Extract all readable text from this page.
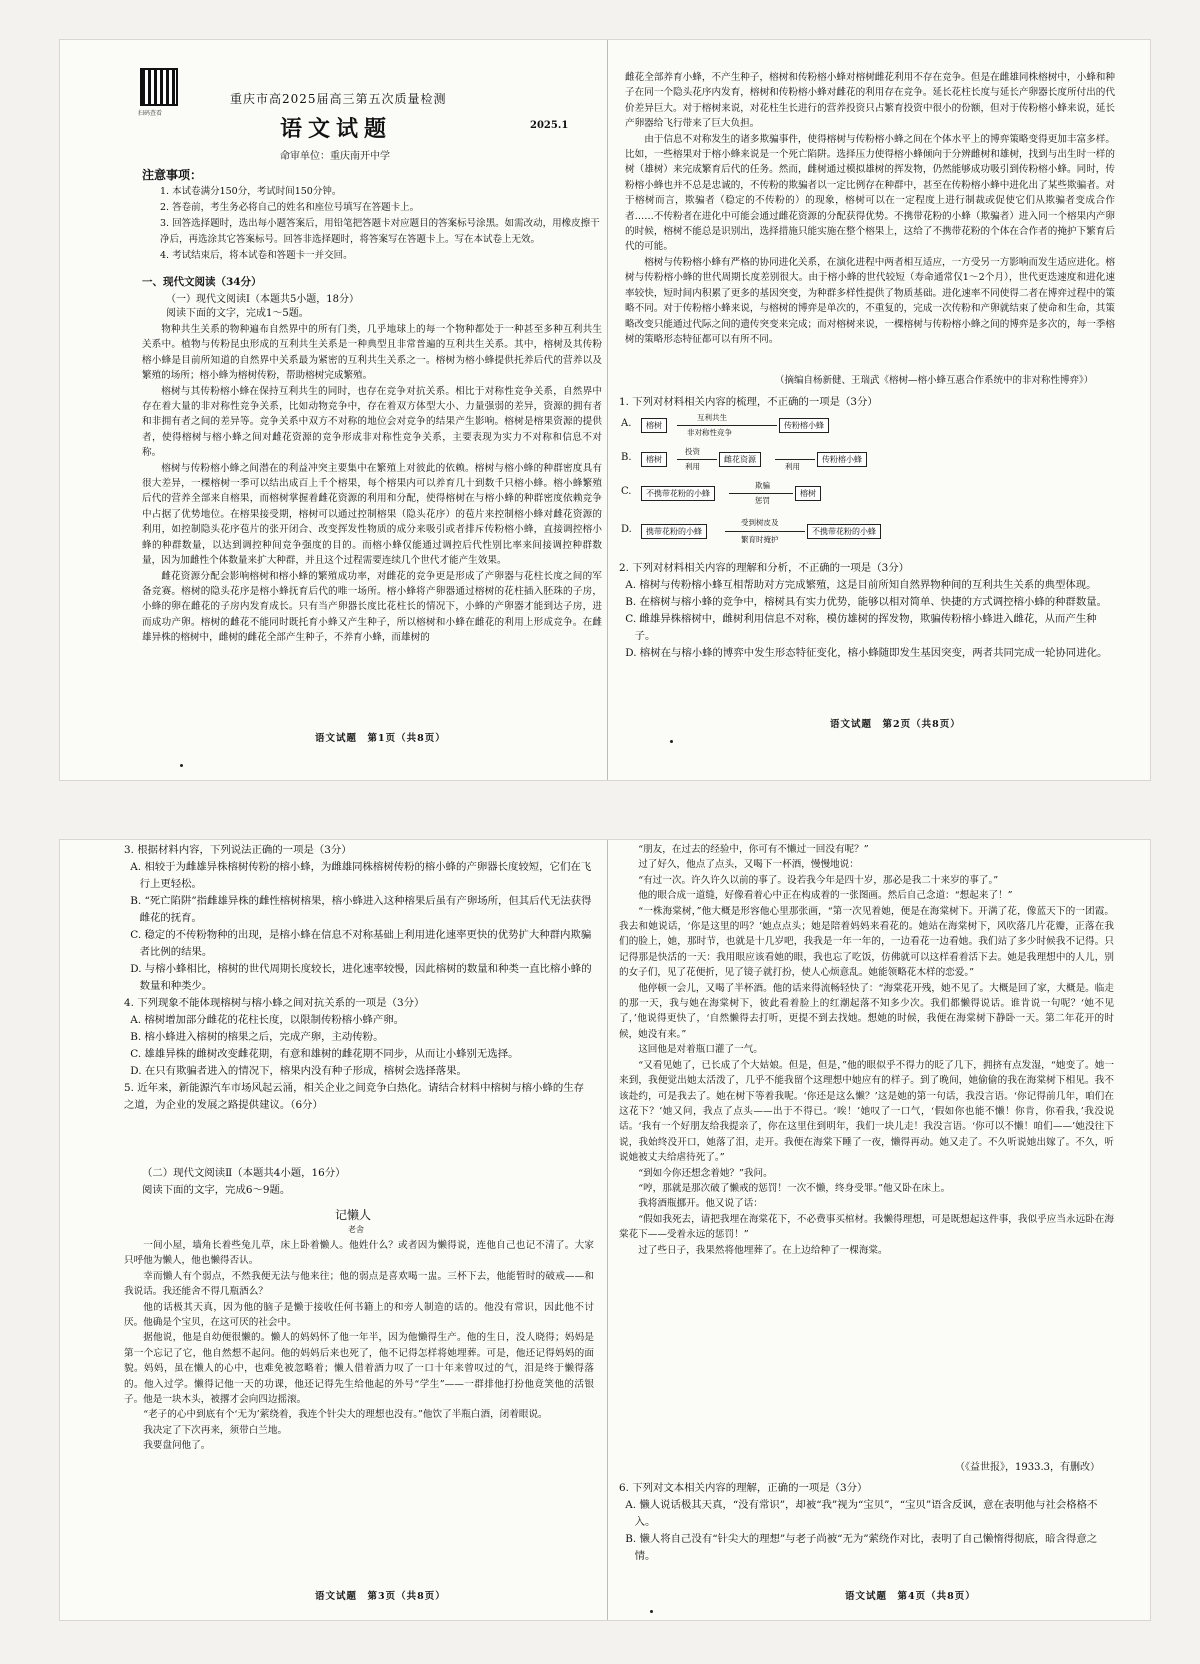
扫码查看
重庆市高2025届高三第五次质量检测
语文试题	2025.1
命审单位：重庆南开中学
注意事项：
1. 本试卷满分150分，考试时间150分钟。
2. 答卷前，考生务必将自己的姓名和座位号填写在答题卡上。
3. 回答选择题时，选出每小题答案后，用铅笔把答题卡对应题目的答案标号涂黑。如需改动，用橡皮擦干净后，再选涂其它答案标号。回答非选择题时，将答案写在答题卡上。写在本试卷上无效。
4. 考试结束后，将本试卷和答题卡一并交回。
一、现代文阅读（34分）
（一）现代文阅读Ⅰ（本题共5小题，18分）
阅读下面的文字，完成1～5题。

物种共生关系的物种遍布自然界中的所有门类，几乎地球上的每一个物种都处于一种甚至多种互利共生关系中。植物与传粉昆虫形成的互利共生关系是一种典型且非常普遍的互利共生关系。其中，榕树及其传粉榕小蜂是目前所知道的自然界中关系最为紧密的互利共生关系之一。榕树为榕小蜂提供托养后代的营养以及繁殖的场所；榕小蜂为榕树传粉，帮助榕树完成繁殖。

榕树与其传粉榕小蜂在保持互利共生的同时，也存在竞争对抗关系。相比于对称性竞争关系，自然界中存在着大量的非对称性竞争关系，比如动物竞争中，存在着双方体型大小、力量强弱的差异，资源的拥有者和非拥有者之间的差异等。竞争关系中双方不对称的地位会对竞争的结果产生影响。榕树是榕果资源的提供者，使得榕树与榕小蜂之间对雌花资源的竞争形成非对称性竞争关系，主要表现为实力不对称和信息不对称。

榕树与传粉榕小蜂之间潜在的利益冲突主要集中在繁殖上对彼此的依赖。榕树与榕小蜂的种群密度具有很大差异，一棵榕树一季可以结出成百上千个榕果，每个榕果内可以养育几十到数千只榕小蜂。榕小蜂繁殖后代的营养全部来自榕果，而榕树掌握着雌花资源的利用和分配，使得榕树在与榕小蜂的种群密度依赖竞争中占据了优势地位。在榕果接受期，榕树可以通过控制榕果（隐头花序）的苞片来控制榕小蜂对雌花资源的利用，如控制隐头花序苞片的张开闭合、改变挥发性物质的成分来吸引或者排斥传粉榕小蜂，直接调控榕小蜂的种群数量，以达到调控种间竞争强度的目的。而榕小蜂仅能通过调控后代性别比率来间接调控种群数量，因为加雌性个体数量来扩大种群，并且这个过程需要连续几个世代才能产生效果。

雌花资源分配会影响榕树和榕小蜂的繁殖成功率，对雌花的竞争更是形成了产卵器与花柱长度之间的军备竞赛。榕树的隐头花序是榕小蜂抚育后代的唯一场所。榕小蜂将产卵器通过榕树的花柱插入胚珠的子房，小蜂的卵在雌花的子房内发育成长。只有当产卵器长度比花柱长的情况下，小蜂的产卵器才能到达子房，进而成功产卵。榕树的雌花不能同时既托育小蜂又产生种子，所以榕树和小蜂在雌花的利用上形成竞争。在雌雄异株的榕树中，雌树的雌花全部产生种子，不养育小蜂，而雄树的

语文试题　第1页（共8页）

雌花全部养育小蜂，不产生种子，榕树和传粉榕小蜂对榕树雌花利用不存在竞争。但是在雌雄同株榕树中，小蜂和种子在同一个隐头花序内发育，榕树和传粉榕小蜂对雌花的利用存在竞争。延长花柱长度与延长产卵器长度所付出的代价差异巨大。对于榕树来说，对花柱生长进行的营养投资只占繁育投资中很小的份额，但对于传粉榕小蜂来说，延长产卵器给飞行带来了巨大负担。

由于信息不对称发生的诸多欺骗事件，使得榕树与传粉榕小蜂之间在个体水平上的博弈策略变得更加丰富多样。比如，一些榕果对于榕小蜂来说是一个死亡陷阱。选择压力使得榕小蜂倾向于分辨雌树和雄树，找到与出生时一样的树（雄树）来完成繁育后代的任务。然而，雌树通过模拟雄树的挥发物，仍然能够成功吸引到传粉榕小蜂。同时，传粉榕小蜂也并不总是忠诚的，不传粉的欺骗者以一定比例存在种群中，甚至在传粉榕小蜂中进化出了某些欺骗者。对于榕树而言，欺骗者（稳定的不传粉的）的现象，榕树可以在一定程度上进行制裁或促使它们从欺骗者变成合作者……不传粉者在进化中可能会通过雌花资源的分配获得优势。不携带花粉的小蜂（欺骗者）进入同一个榕果内产卵的时候，榕树不能总是识别出，选择措施只能实施在整个榕果上，这给了不携带花粉的个体在合作者的掩护下繁育后代的可能。

榕树与传粉榕小蜂有严格的协同进化关系，在演化进程中两者相互适应，一方受另一方影响而发生适应进化。榕树与传粉榕小蜂的世代周期长度差别很大。由于榕小蜂的世代较短（寿命通常仅1～2个月），世代更迭速度和进化速率较快，短时间内积累了更多的基因突变，为种群多样性提供了物质基础。进化速率不同使得二者在博弈过程中的策略不同。对于传粉榕小蜂来说，与榕树的博弈是单次的，不重复的，完成一次传粉和产卵就结束了使命和生命，其策略改变只能通过代际之间的遗传突变来完成；而对榕树来说，一棵榕树与传粉榕小蜂之间的博弈是多次的，每一季榕树的策略形态特征都可以有所不同。

（摘编自杨新健、王瑞武《榕树—榕小蜂互惠合作系统中的非对称性博弈》）
1. 下列对材料相关内容的梳理，不正确的一项是（3分）
A.	榕树
互利共生
非对称性竞争
传粉榕小蜂
B.	榕树
投资
利用
雌花资源
利用
传粉榕小蜂
C.	不携带花粉的小蜂
欺骗
惩罚
榕树
D.	携带花粉的小蜂
受到树皮及
繁育时掩护
不携带花粉的小蜂
2. 下列对材料相关内容的理解和分析，不正确的一项是（3分）
A. 榕树与传粉榕小蜂互相帮助对方完成繁殖，这是目前所知自然界物种间的互利共生关系的典型体现。
B. 在榕树与榕小蜂的竞争中，榕树具有实力优势，能够以相对简单、快捷的方式调控榕小蜂的种群数量。
C. 雌雄异株榕树中，雌树利用信息不对称，模仿雄树的挥发物，欺骗传粉榕小蜂进入雌花，从而产生种子。
D. 榕树在与榕小蜂的博弈中发生形态特征变化，榕小蜂随即发生基因突变，两者共同完成一轮协同进化。
语文试题　第2页（共8页）
3. 根据材料内容，下列说法正确的一项是（3分）
A. 相较于为雌雄异株榕树传粉的榕小蜂，为雌雄同株榕树传粉的榕小蜂的产卵器长度较短，它们在飞行上更轻松。
B. “死亡陷阱”指雌雄异株的雌性榕树榕果，榕小蜂进入这种榕果后虽有产卵场所，但其后代无法获得雌花的抚育。
C. 稳定的不传粉物种的出现，是榕小蜂在信息不对称基础上利用进化速率更快的优势扩大种群内欺骗者比例的结果。
D. 与榕小蜂相比，榕树的世代周期长度较长，进化速率较慢，因此榕树的数量和种类一直比榕小蜂的数量和种类少。
4. 下列现象不能体现榕树与榕小蜂之间对抗关系的一项是（3分）
A. 榕树增加部分雌花的花柱长度，以限制传粉榕小蜂产卵。
B. 榕小蜂进入榕树的榕果之后，完成产卵，主动传粉。
C. 雄雄异株的雌树改变雌花期，有意和雄树的雌花期不同步，从而让小蜂别无选择。
D. 在只有欺骗者进入的情况下，榕果内没有种子形成，榕树会选择落果。
5. 近年来，新能源汽车市场风起云涌，相关企业之间竞争白热化。请结合材料中榕树与榕小蜂的生存之道，为企业的发展之路提供建议。（6分）
（二）现代文阅读Ⅱ（本题共4小题，16分）
阅读下面的文字，完成6～9题。
记懒人
老舍

一间小屋，墙角长着些兔儿草，床上卧着懒人。他姓什么？或者因为懒得说，连他自己也记不清了。大家只呼他为懒人，他也懒得否认。

幸而懒人有个弱点，不然我便无法与他来往；他的弱点是喜欢喝一盅。三杯下去，他能暂时的破戒——和我说话。我还能舍不得几瓶酒么？

他的话极其天真，因为他的脑子是懒于接收任何书籍上的和旁人制造的话的。他没有常识，因此他不讨厌。他确是个宝贝，在这可厌的社会中。

据他说，他是自幼便很懒的。懒人的妈妈怀了他一年半，因为他懒得生产。他的生日，没人晓得；妈妈是第一个忘记了它，他自然想不起问。他的妈妈后来也死了，他不记得怎样将她埋葬。可是，他还记得妈妈的面貌。妈妈，虽在懒人的心中，也难免被忽略着；懒人借着酒力叹了一口十年来曾叹过的气，泪是终于懒得落的。他入过学。懒得记他一天的功课，他还记得先生给他起的外号“学生”——一群排他打扮他竟笑他的活银子。他是一块木头，被撂才会向四边摇滚。

“老子的心中到底有个‘无为’萦绕着，我连个针尖大的理想也没有。”他饮了半瓶白酒，闭着眼说。

我决定了下次再来，须带白兰地。

我要盘问他了。

语文试题　第3页（共8页）

“朋友，在过去的经验中，你可有不懒过一回没有呢？”

过了好久，他点了点头，又喝下一杯酒，慢慢地说：

“有过一次。许久许久以前的事了。设若我今年是四十岁，那必是我二十来岁的事了。”

他的眼合成一道缝，好像看着心中正在构成着的一张图画。然后自己念道：“想起来了！”

“一株海棠树，”他大概是形容他心里那张画，“第一次见着她，便是在海棠树下。开满了花，像蓝天下的一团霞。我去和她说话，‘你是这里的吗？’她点点头；她是陪着妈妈来看花的。她站在海棠树下，风吹落几片花瓣，正落在我们的脸上，她，那时节，也就是十几岁吧，我我是一年一年的，一边看花一边看她。我们站了多少时候我不记得。只记得那是快活的一天：我用眼应该看她的眼，我也忘了吃饭，仿佛就可以这样看着活下去。她是我理想中的人儿，别的女子们，见了花便折，见了镜子就打扮，使人心烦意乱。她能领略花木样的恋爱。”

他停顿一会儿，又喝了半杯酒。他的话来得流畅轻快了：“海棠花开残，她不见了。大概是回了家，大概是。临走的那一天，我与她在海棠树下，彼此看着脸上的红潮起落不知多少次。我们都懒得说话。谁肯说一句呢？‘她不见了，’他说得更快了，‘自然懒得去打听，更提不到去找她。想她的时候，我便在海棠树下静卧一天。第二年花开的时候，她没有来。”

这回他是对着瓶口灌了一气。

“又看见她了，已长成了个大姑娘。但是，但是，”他的眼似乎不得力的眨了几下，拥挤有点发湿，“她变了。她一来到，我便觉出她太活泼了，几乎不能我留个这理想中她应有的样子。到了晚间，她偷偷的我在海棠树下相见。我不该赴约，可是我去了。她在树下等着我呢。‘你还是这么懒？’这是她的第一句话，我没言语。‘你记得前几年，咱们在这花下？’她又问，我点了点头——出于不得已。‘唉！’她叹了一口气，‘假如你也能不懒！你肯，你看我，’我没说话。‘我有一个好朋友给我提亲了，你在这里住到明年，我们一块儿走！我没言语。‘你可以不懒！咱们——’她没往下说，我始终没开口，她落了泪，走开。我便在海棠下睡了一夜，懒得再动。她又走了。不久听说她出嫁了。不久，听说她被丈夫给虐待死了。”

“到如今你还想念着她？”我问。

“哼，那就是那次破了懒戒的惩罚！一次不懒，终身受罪。”他又卧在床上。

我将酒瓶挪开。他又说了话：

“假如我死去，请把我埋在海棠花下，不必费事买棺材。我懒得理想，可是既想起这件事，我似乎应当永远卧在海棠花下——受着永远的惩罚！”

过了些日子，我果然将他埋葬了。在上边给种了一棵海棠。

（《益世报》，1933.3，有删改）
6. 下列对文本相关内容的理解，正确的一项是（3分）
A. 懒人说话极其天真，“没有常识”，却被“我”视为“宝贝”，“宝贝”语含反讽，意在表明他与社会格格不入。
B. 懒人将自己没有“针尖大的理想”与老子尚被“无为”萦绕作对比，表明了自己懒惰得彻底，暗含得意之情。
语文试题　第4页（共8页）
